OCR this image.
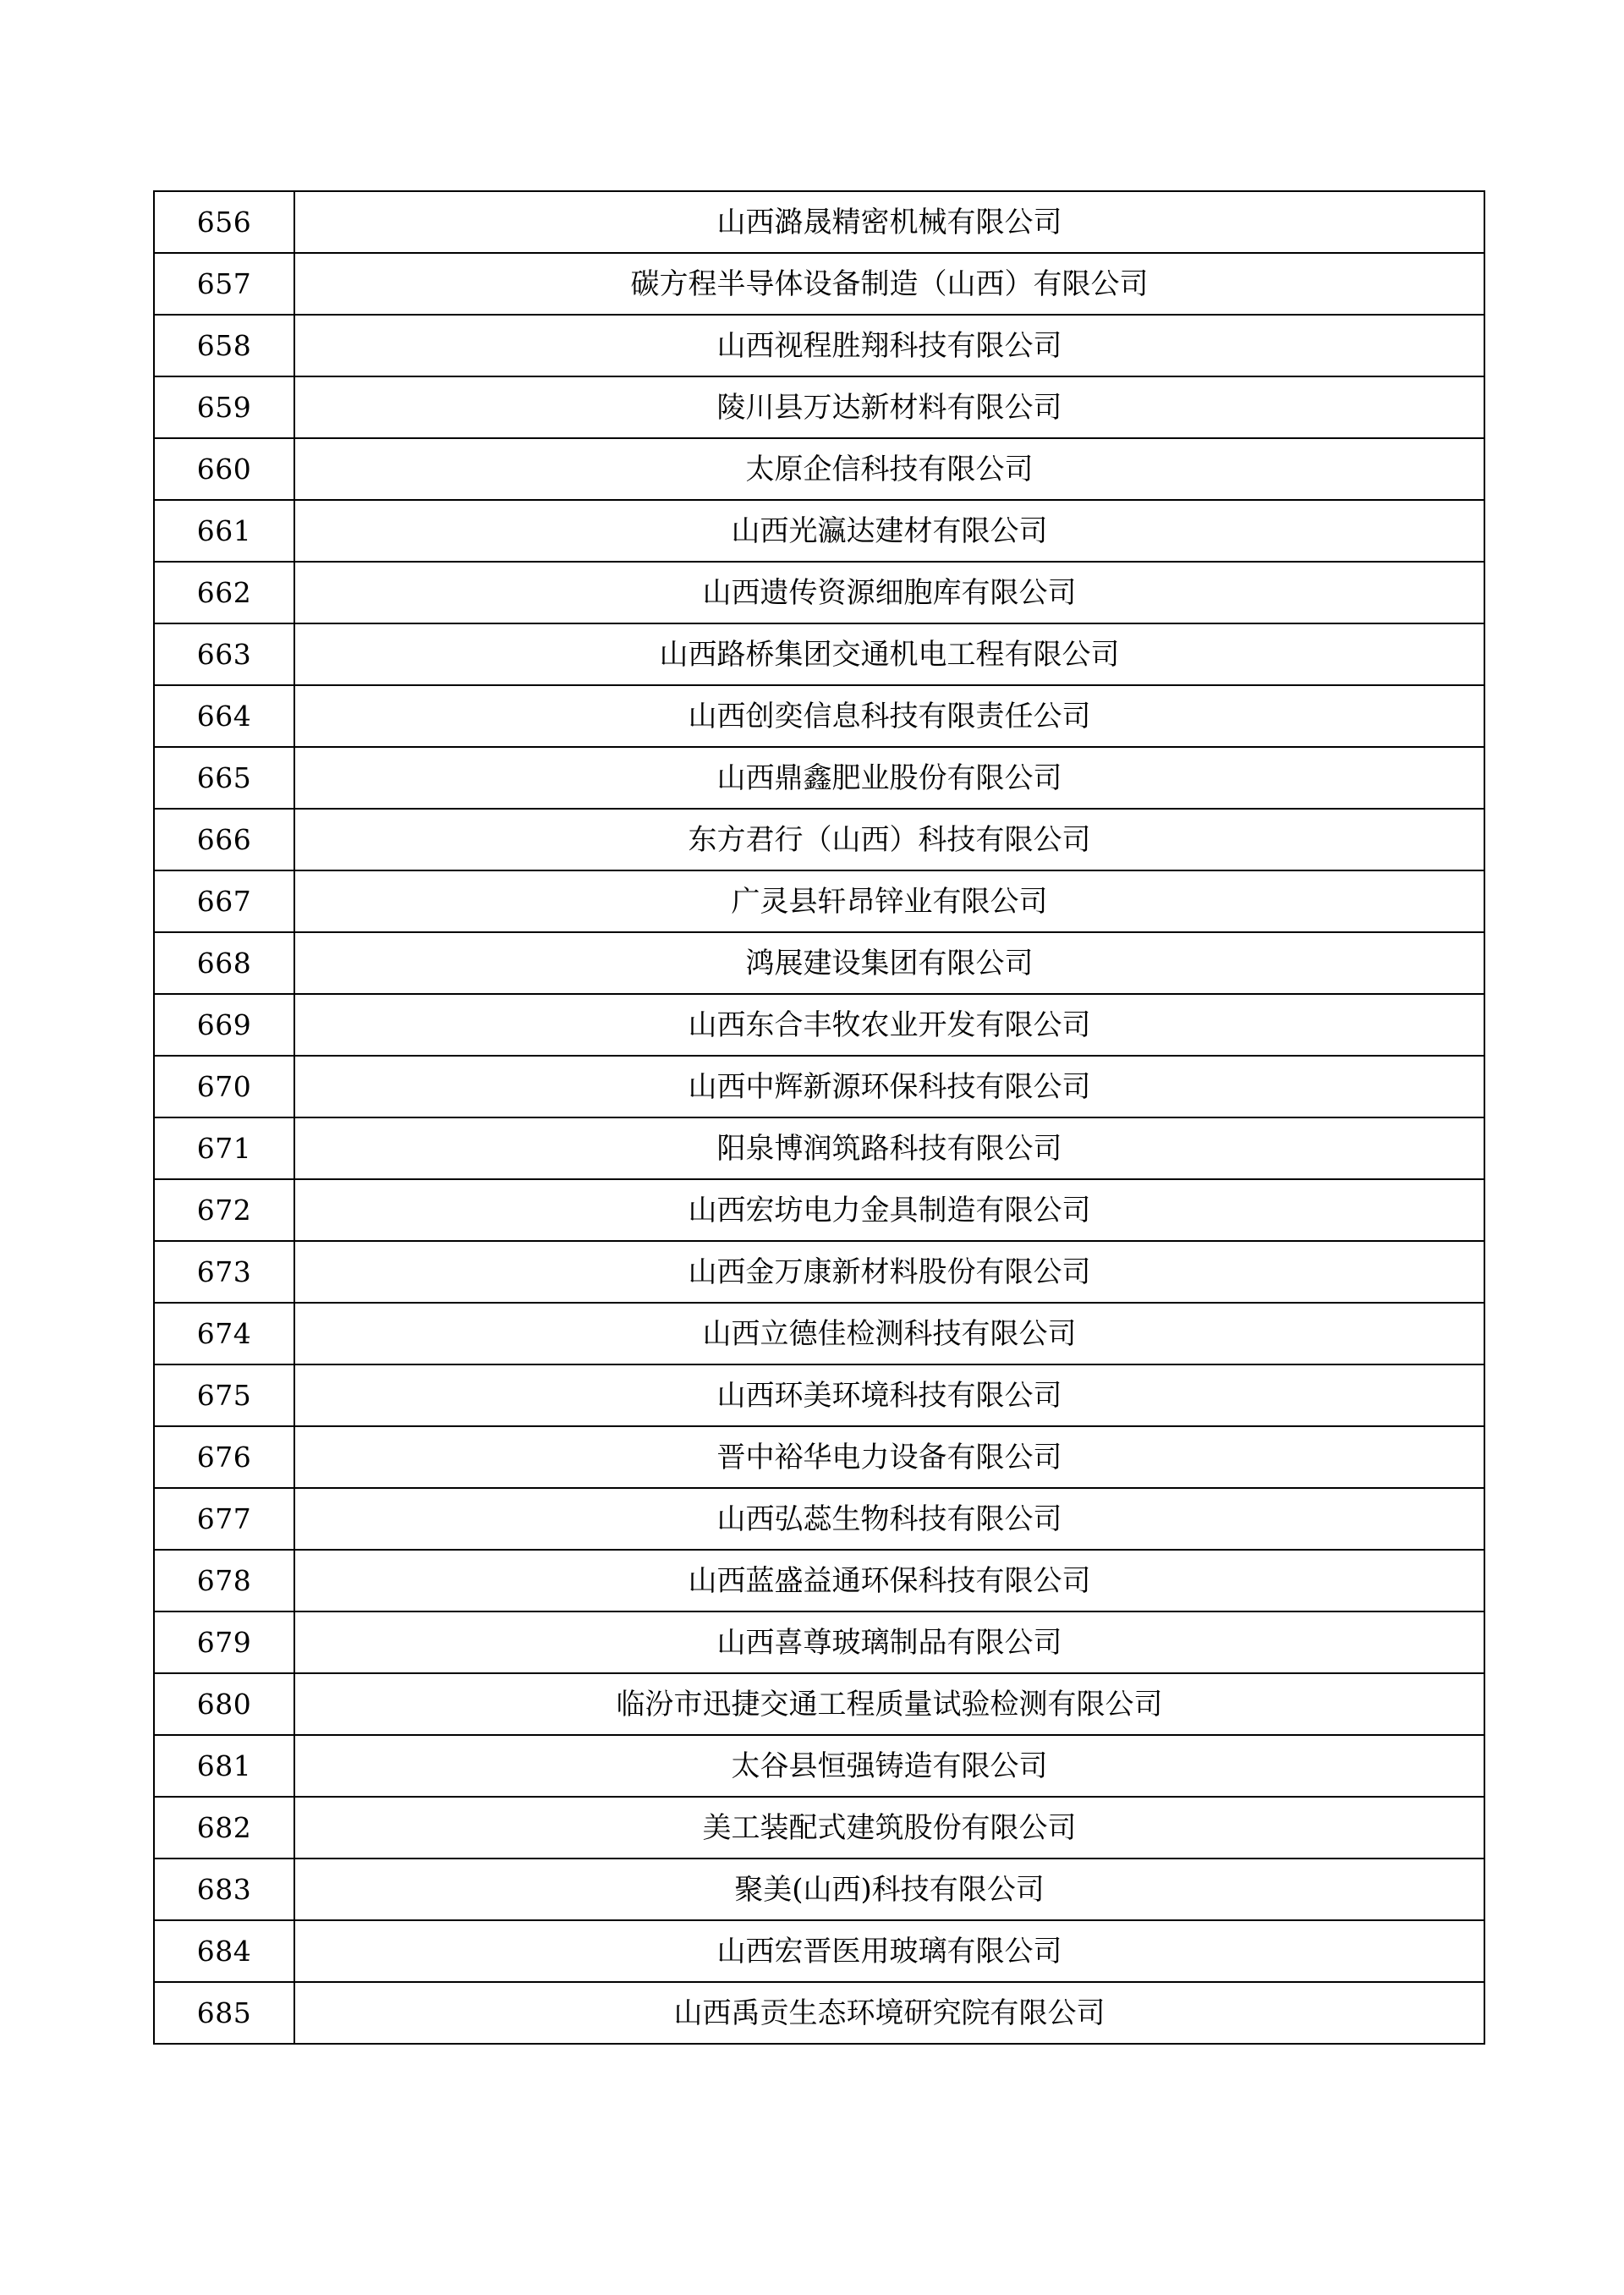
656	山西潞晟精密机械有限公司
657	碳方程半导体设备制造（山西）有限公司
658	山西视程胜翔科技有限公司
659	陵川县万达新材料有限公司
660	太原企信科技有限公司
661	山西光瀛达建材有限公司
662	山西遗传资源细胞库有限公司
663	山西路桥集团交通机电工程有限公司
664	山西创奕信息科技有限责任公司
665	山西鼎鑫肥业股份有限公司
666	东方君行（山西）科技有限公司
667	广灵县轩昂锌业有限公司
668	鸿展建设集团有限公司
669	山西东合丰牧农业开发有限公司
670	山西中辉新源环保科技有限公司
671	阳泉博润筑路科技有限公司
672	山西宏坊电力金具制造有限公司
673	山西金万康新材料股份有限公司
674	山西立德佳检测科技有限公司
675	山西环美环境科技有限公司
676	晋中裕华电力设备有限公司
677	山西弘蕊生物科技有限公司
678	山西蓝盛益通环保科技有限公司
679	山西喜尊玻璃制品有限公司
680	临汾市迅捷交通工程质量试验检测有限公司
681	太谷县恒强铸造有限公司
682	美工装配式建筑股份有限公司
683	聚美(山西)科技有限公司
684	山西宏晋医用玻璃有限公司
685	山西禹贡生态环境研究院有限公司
